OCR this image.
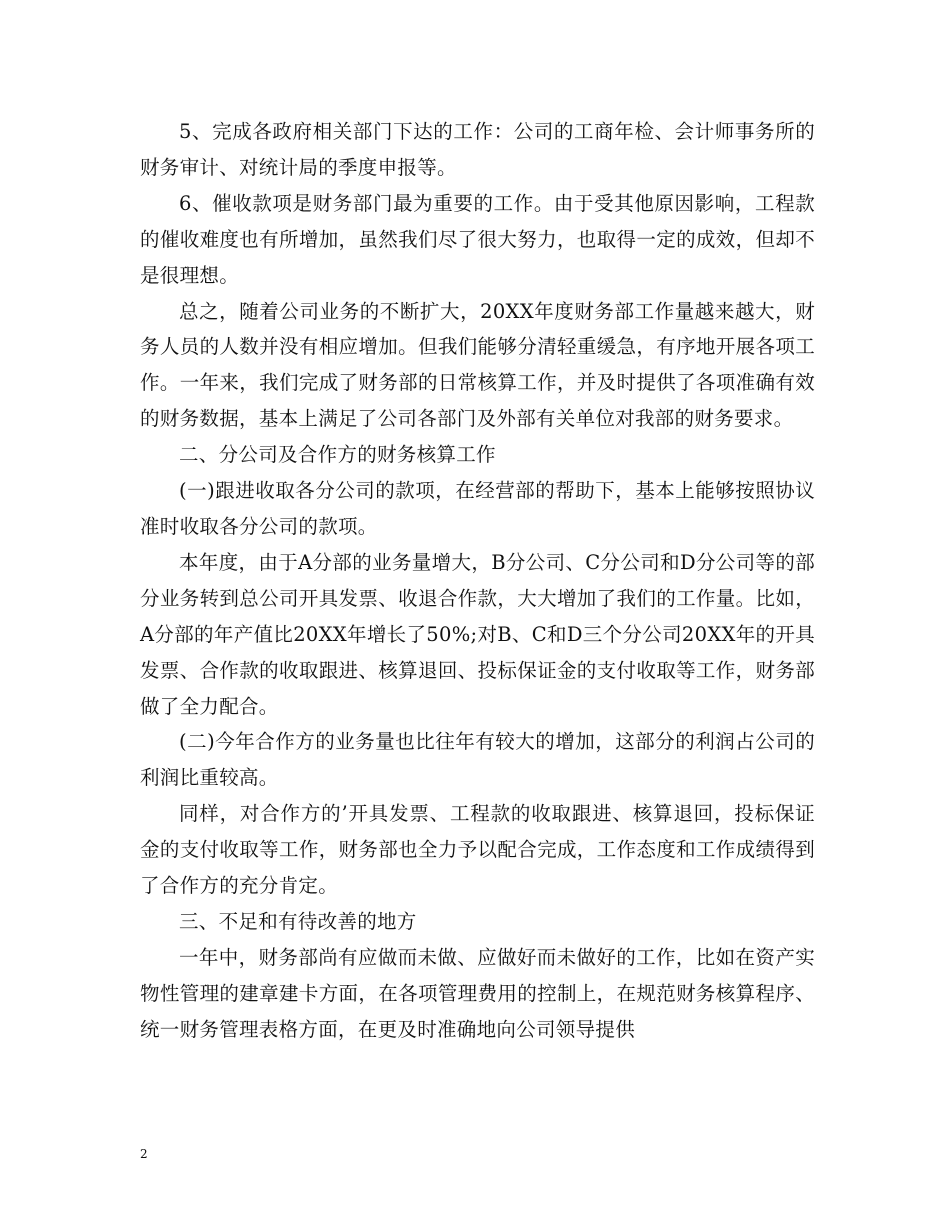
5、完成各政府相关部门下达的工作：公司的工商年检、会计师事务所的财务审计、对统计局的季度申报等。

6、催收款项是财务部门最为重要的工作。由于受其他原因影响，工程款的催收难度也有所增加，虽然我们尽了很大努力，也取得一定的成效，但却不是很理想。

总之，随着公司业务的不断扩大，20XX年度财务部工作量越来越大，财务人员的人数并没有相应增加。但我们能够分清轻重缓急，有序地开展各项工作。一年来，我们完成了财务部的日常核算工作，并及时提供了各项准确有效的财务数据，基本上满足了公司各部门及外部有关单位对我部的财务要求。

二、分公司及合作方的财务核算工作

(一)跟进收取各分公司的款项，在经营部的帮助下，基本上能够按照协议准时收取各分公司的款项。

本年度，由于A分部的业务量增大，B分公司、C分公司和D分公司等的部分业务转到总公司开具发票、收退合作款，大大增加了我们的工作量。比如，A分部的年产值比20XX年增长了50%;对B、C和D三个分公司20XX年的开具发票、合作款的收取跟进、核算退回、投标保证金的支付收取等工作，财务部做了全力配合。

(二)今年合作方的业务量也比往年有较大的增加，这部分的利润占公司的利润比重较高。

同样，对合作方的’开具发票、工程款的收取跟进、核算退回，投标保证金的支付收取等工作，财务部也全力予以配合完成，工作态度和工作成绩得到了合作方的充分肯定。

三、不足和有待改善的地方

一年中，财务部尚有应做而未做、应做好而未做好的工作，比如在资产实物性管理的建章建卡方面，在各项管理费用的控制上，在规范财务核算程序、统一财务管理表格方面，在更及时准确地向公司领导提供

2
